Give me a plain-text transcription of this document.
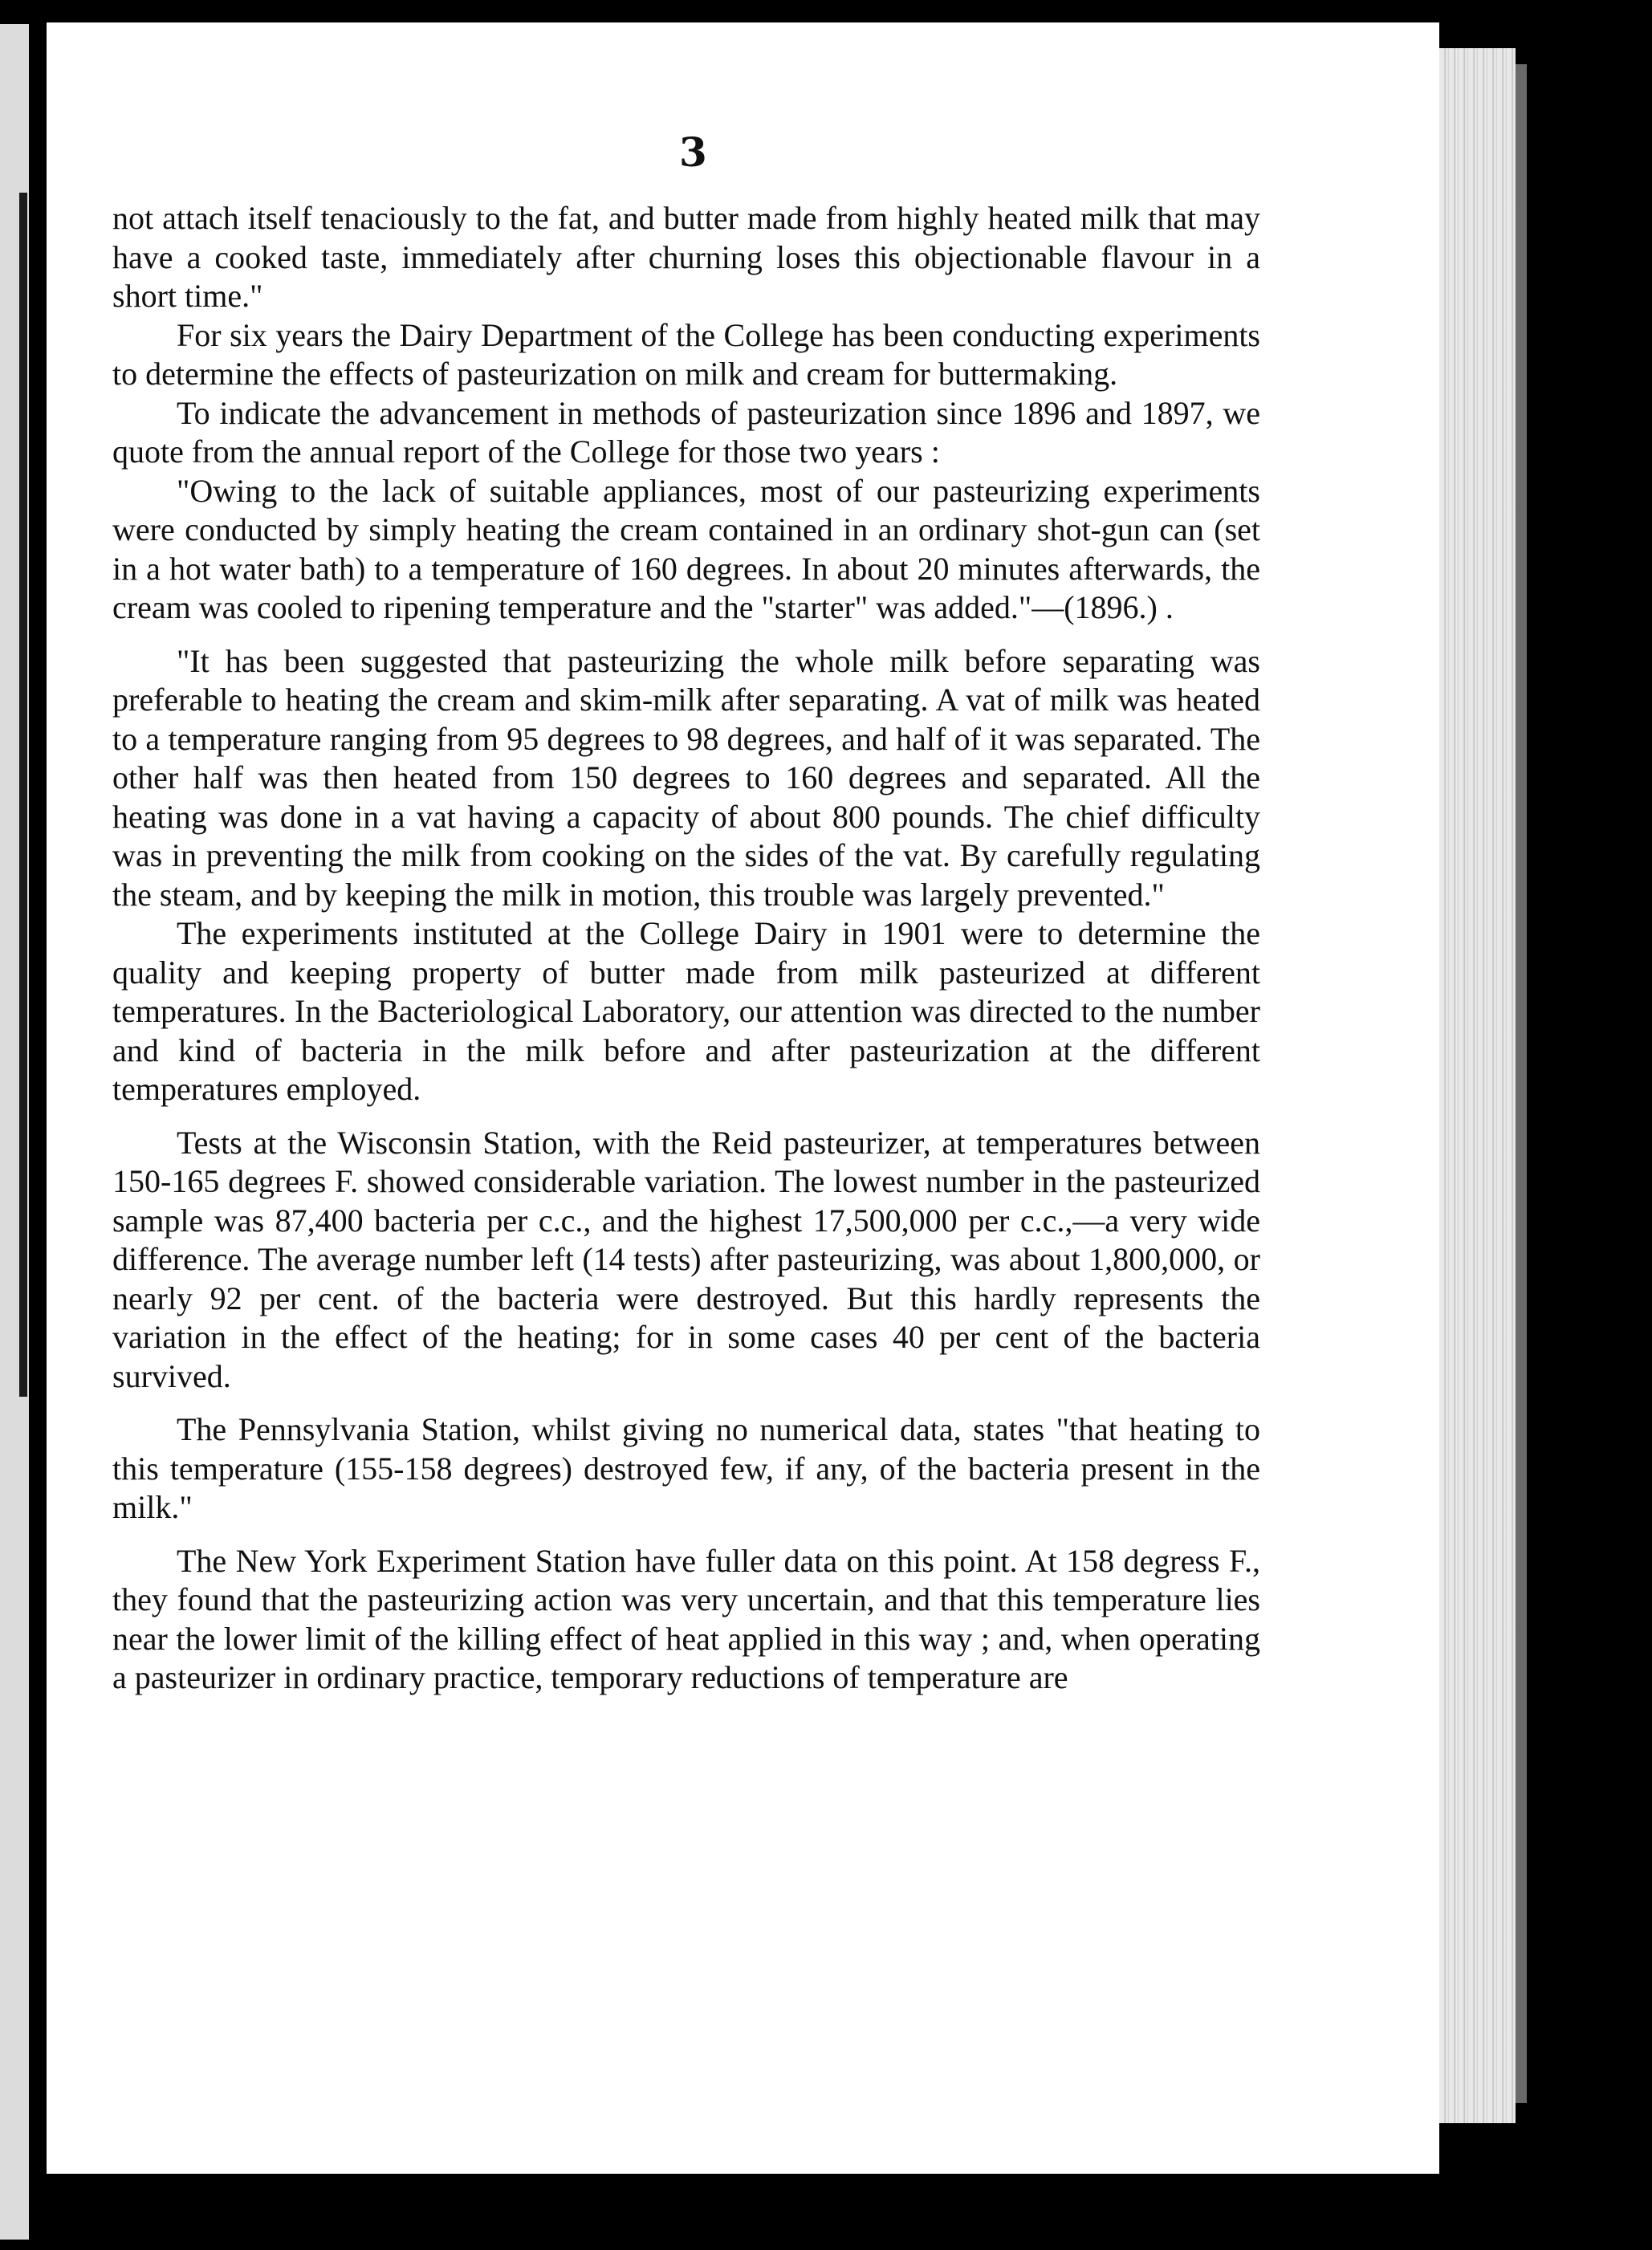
3

not attach itself tenaciously to the fat, and butter made from highly heated milk that may have a cooked taste, immediately after churning loses this objectionable flavour in a short time."

For six years the Dairy Department of the College has been conducting experiments to determine the effects of pasteurization on milk and cream for buttermaking.

To indicate the advancement in methods of pasteurization since 1896 and 1897, we quote from the annual report of the College for those two years :

"Owing to the lack of suitable appliances, most of our pasteurizing experiments were conducted by simply heating the cream contained in an ordinary shot-gun can (set in a hot water bath) to a temperature of 160 degrees. In about 20 minutes afterwards, the cream was cooled to ripening temperature and the "starter" was added."—(1896.) .

"It has been suggested that pasteurizing the whole milk before separating was preferable to heating the cream and skim-milk after separating. A vat of milk was heated to a temperature ranging from 95 degrees to 98 degrees, and half of it was separated. The other half was then heated from 150 degrees to 160 degrees and separated. All the heating was done in a vat having a capacity of about 800 pounds. The chief difficulty was in preventing the milk from cooking on the sides of the vat. By carefully regulating the steam, and by keeping the milk in motion, this trouble was largely prevented."

The experiments instituted at the College Dairy in 1901 were to determine the quality and keeping property of butter made from milk pasteurized at different temperatures. In the Bacteriological Laboratory, our attention was directed to the number and kind of bacteria in the milk before and after pasteurization at the different temperatures employed.

Tests at the Wisconsin Station, with the Reid pasteurizer, at temperatures between 150-165 degrees F. showed considerable variation. The lowest number in the pasteurized sample was 87,400 bacteria per c.c., and the highest 17,500,000 per c.c.,—a very wide difference. The average number left (14 tests) after pasteurizing, was about 1,800,000, or nearly 92 per cent. of the bacteria were destroyed. But this hardly represents the variation in the effect of the heating; for in some cases 40 per cent of the bacteria survived.

The Pennsylvania Station, whilst giving no numerical data, states "that heating to this temperature (155-158 degrees) destroyed few, if any, of the bacteria present in the milk."

The New York Experiment Station have fuller data on this point. At 158 degress F., they found that the pasteurizing action was very uncertain, and that this temperature lies near the lower limit of the killing effect of heat applied in this way ; and, when operating a pasteurizer in ordinary practice, temporary reductions of temperature are
